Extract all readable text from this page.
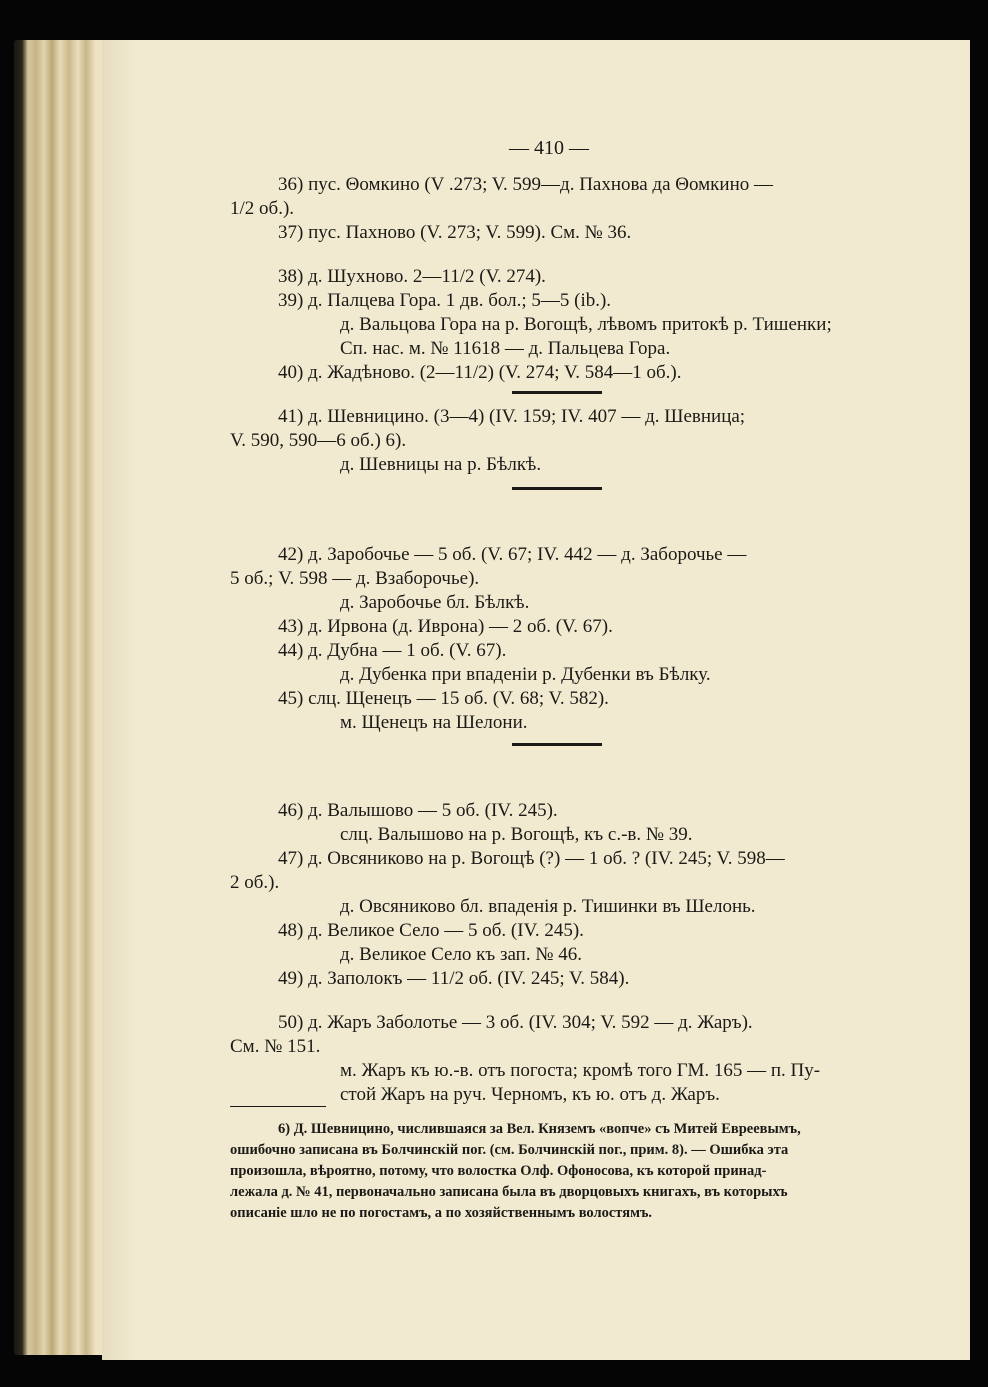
— 410 —
36) пус. Θомкино (V .273; V. 599—д. Пахнова да Θомкино —
1/2 об.).
37) пус. Пахново (V. 273; V. 599). См. № 36.
38) д. Шухново. 2—11/2 (V. 274).
39) д. Палцева Гора. 1 дв. бол.; 5—5 (ib.).
д. Вальцова Гора на р. Вогощѣ, лѣвомъ притокѣ р. Тишенки;
Сп. нас. м. № 11618 — д. Пальцева Гора.
40) д. Жадѣново. (2—11/2) (V. 274; V. 584—1 об.).
41) д. Шевницино. (3—4) (IV. 159; IV. 407 — д. Шевница;
V. 590, 590—6 об.) 6).
д. Шевницы на р. Бѣлкѣ.
42) д. Заробочье — 5 об. (V. 67; IV. 442 — д. Заборочье —
5 об.; V. 598 — д. Взаборочье).
д. Заробочье бл. Бѣлкѣ.
43) д. Ирвона (д. Иврона) — 2 об. (V. 67).
44) д. Дубна — 1 об. (V. 67).
д. Дубенка при впаденіи р. Дубенки въ Бѣлку.
45) слц. Щенецъ — 15 об. (V. 68; V. 582).
м. Щенецъ на Шелони.
46) д. Валышово — 5 об. (IV. 245).
слц. Валышово на р. Вогощѣ, къ с.-в. № 39.
47) д. Овсяниково на р. Вогощѣ (?) — 1 об. ? (IV. 245; V. 598—
2 об.).
д. Овсяниково бл. впаденія р. Тишинки въ Шелонь.
48) д. Великое Село — 5 об. (IV. 245).
д. Великое Село къ зап. № 46.
49) д. Заполокъ — 11/2 об. (IV. 245; V. 584).
50) д. Жаръ Заболотье — 3 об. (IV. 304; V. 592 — д. Жаръ).
См. № 151.
м. Жаръ къ ю.-в. отъ погоста; кромѣ того ГМ. 165 — п. Пу-
стой Жаръ на руч. Черномъ, къ ю. отъ д. Жаръ.
6) Д. Шевницино, числившаяся за Вел. Княземъ «вопче» съ Митей Евреевымъ,
ошибочно записана въ Болчинскій пог. (см. Болчинскій пог., прим. 8). — Ошибка эта
произошла, вѣроятно, потому, что волостка Олф. Офоносова, къ которой принад-
лежала д. № 41, первоначально записана была въ дворцовыхъ книгахъ, въ которыхъ
описаніе шло не по погостамъ, а по хозяйственнымъ волостямъ.
